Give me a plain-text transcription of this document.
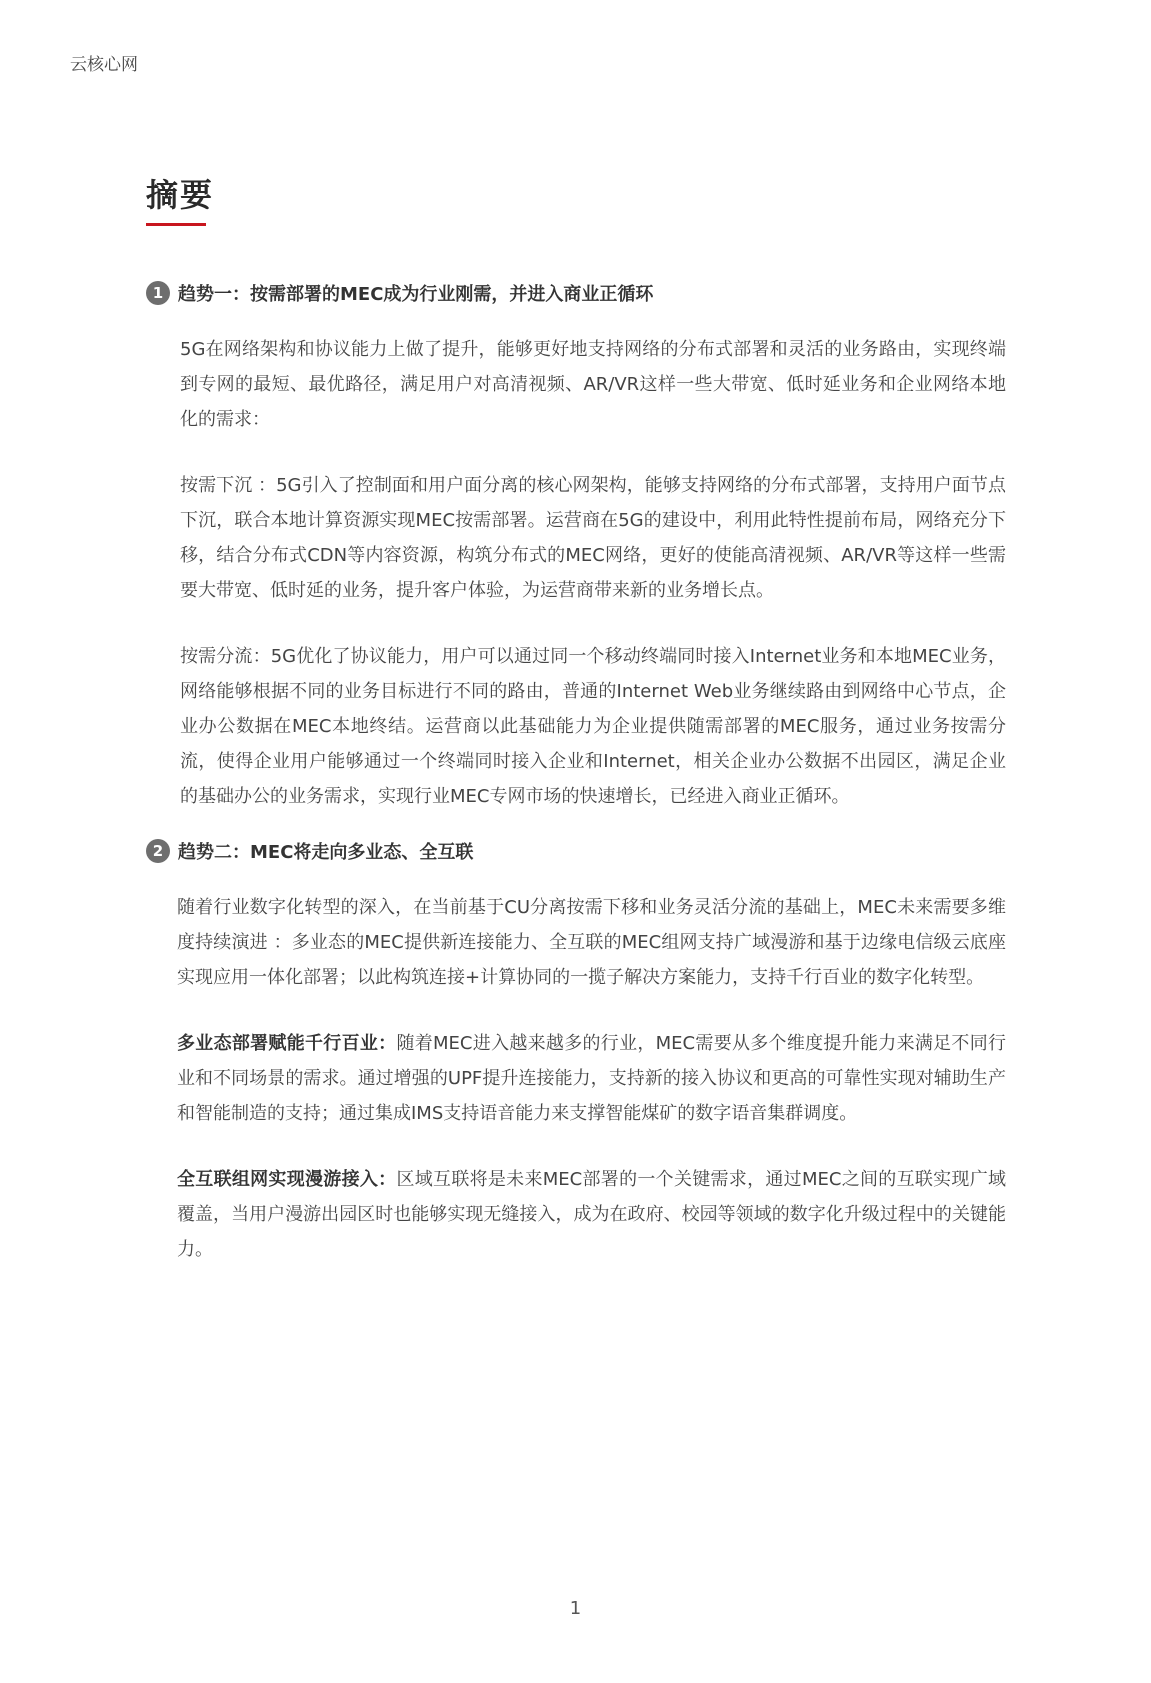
云核心网
摘要
1 趋势一：按需部署的MEC成为行业刚需，并进入商业正循环

5G在网络架构和协议能力上做了提升，能够更好地支持网络的分布式部署和灵活的业务路由，实现终端到专网的最短、最优路径，满足用户对高清视频、AR/VR这样一些大带宽、低时延业务和企业网络本地化的需求：

按需下沉 ：5G引入了控制面和用户面分离的核心网架构，能够支持网络的分布式部署，支持用户面节点下沉，联合本地计算资源实现MEC按需部署。运营商在5G的建设中，利用此特性提前布局，网络充分下移，结合分布式CDN等内容资源，构筑分布式的MEC网络，更好的使能高清视频、AR/VR等这样一些需要大带宽、低时延的业务，提升客户体验，为运营商带来新的业务增长点。

按需分流：5G优化了协议能力，用户可以通过同一个移动终端同时接入Internet业务和本地MEC业务，网络能够根据不同的业务目标进行不同的路由，普通的Internet Web业务继续路由到网络中心节点，企业办公数据在MEC本地终结。运营商以此基础能力为企业提供随需部署的MEC服务，通过业务按需分流，使得企业用户能够通过一个终端同时接入企业和Internet，相关企业办公数据不出园区，满足企业的基础办公的业务需求，实现行业MEC专网市场的快速增长，已经进入商业正循环。

2 趋势二：MEC将走向多业态、全互联

随着行业数字化转型的深入，在当前基于CU分离按需下移和业务灵活分流的基础上，MEC未来需要多维度持续演进 ：多业态的MEC提供新连接能力、全互联的MEC组网支持广域漫游和基于边缘电信级云底座实现应用一体化部署；以此构筑连接+计算协同的一揽子解决方案能力，支持千行百业的数字化转型。

多业态部署赋能千行百业：随着MEC进入越来越多的行业，MEC需要从多个维度提升能力来满足不同行业和不同场景的需求。通过增强的UPF提升连接能力，支持新的接入协议和更高的可靠性实现对辅助生产和智能制造的支持；通过集成IMS支持语音能力来支撑智能煤矿的数字语音集群调度。

全互联组网实现漫游接入：区域互联将是未来MEC部署的一个关键需求，通过MEC之间的互联实现广域覆盖，当用户漫游出园区时也能够实现无缝接入，成为在政府、校园等领域的数字化升级过程中的关键能力。

1
